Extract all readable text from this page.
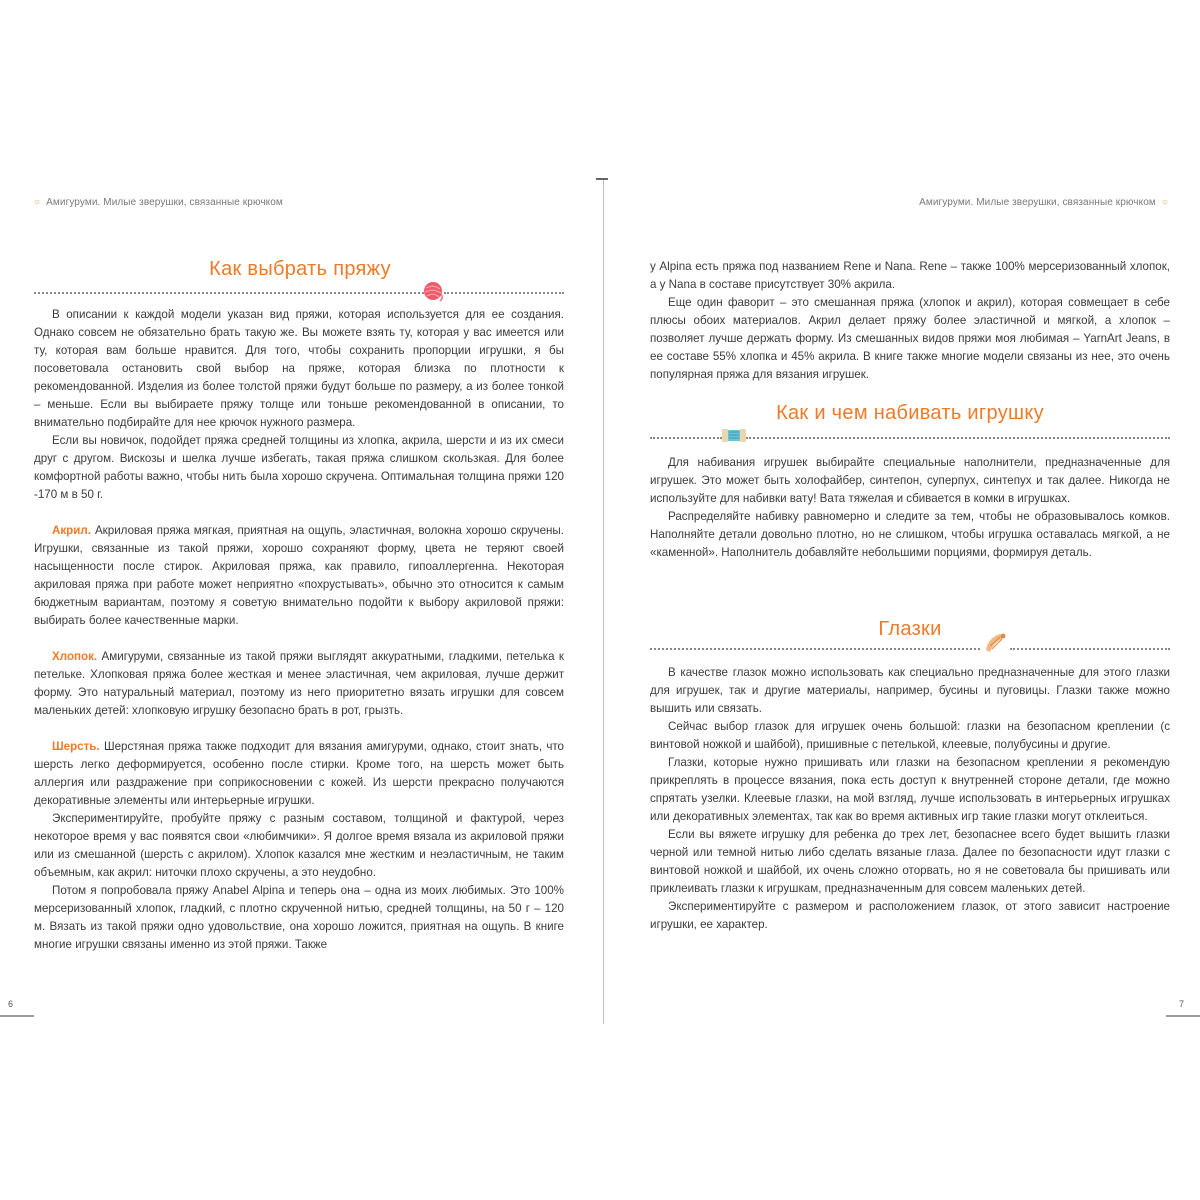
○ Амигуруми. Милые зверушки, связанные крючком
Как выбрать пряжу

В описании к каждой модели указан вид пряжи, которая используется для ее создания. Однако совсем не обязательно брать такую же. Вы можете взять ту, которая у вас имеется или ту, которая вам больше нравится. Для того, чтобы сохранить пропорции игрушки, я бы посоветовала остановить свой выбор на пряже, которая близка по плотности к рекомендованной. Изделия из более толстой пряжи будут больше по размеру, а из более тонкой – меньше. Если вы выбираете пряжу толще или тоньше рекомендованной в описании, то внимательно подбирайте для нее крючок нужного размера.

Если вы новичок, подойдет пряжа средней толщины из хлопка, акрила, шерсти и из их смеси друг с другом. Вискозы и шелка лучше избегать, такая пряжа слишком скользкая. Для более комфортной работы важно, чтобы нить была хорошо скручена. Оптимальная толщина пряжи 120 -170 м в 50 г.

Акрил. Акриловая пряжа мягкая, приятная на ощупь, эластичная, волокна хорошо скручены. Игрушки, связанные из такой пряжи, хорошо сохраняют форму, цвета не теряют своей насыщенности после стирок. Акриловая пряжа, как правило, гипоаллергенна. Некоторая акриловая пряжа при работе может неприятно «похрустывать», обычно это относится к самым бюджетным вариантам, поэтому я советую внимательно подойти к выбору акриловой пряжи: выбирать более качественные марки.

Хлопок. Амигуруми, связанные из такой пряжи выглядят аккуратными, гладкими, петелька к петельке. Хлопковая пряжа более жесткая и менее эластичная, чем акриловая, лучше держит форму. Это натуральный материал, поэтому из него приоритетно вязать игрушки для совсем маленьких детей: хлопковую игрушку безопасно брать в рот, грызть.

Шерсть. Шерстяная пряжа также подходит для вязания амигуруми, однако, стоит знать, что шерсть легко деформируется, особенно после стирки. Кроме того, на шерсть может быть аллергия или раздражение при соприкосновении с кожей. Из шерсти прекрасно получаются декоративные элементы или интерьерные игрушки.

Экспериментируйте, пробуйте пряжу с разным составом, толщиной и фактурой, через некоторое время у вас появятся свои «любимчики». Я долгое время вязала из акриловой пряжи или из смешанной (шерсть с акрилом). Хлопок казался мне жестким и неэластичным, не таким объемным, как акрил: ниточки плохо скручены, а это неудобно.

Потом я попробовала пряжу Anabel Alpina и теперь она – одна из моих любимых. Это 100% мерсеризованный хлопок, гладкий, с плотно скрученной нитью, средней толщины, на 50 г – 120 м. Вязать из такой пряжи одно удовольствие, она хорошо ложится, приятная на ощупь. В книге многие игрушки связаны именно из этой пряжи. Также

6
Амигуруми. Милые зверушки, связанные крючком ○

у Alpina есть пряжа под названием Rene и Nana. Rene – также 100% мерсеризованный хлопок, а у Nana в составе присутствует 30% акрила.

Еще один фаворит – это смешанная пряжа (хлопок и акрил), которая совмещает в себе плюсы обоих материалов. Акрил делает пряжу более эластичной и мягкой, а хлопок – позволяет лучше держать форму. Из смешанных видов пряжи моя любимая – YarnArt Jeans, в ее составе 55% хлопка и 45% акрила. В книге также многие модели связаны из нее, это очень популярная пряжа для вязания игрушек.

Как и чем набивать игрушку

Для набивания игрушек выбирайте специальные наполнители, предназначенные для игрушек. Это может быть холофайбер, синтепон, суперпух, синтепух и так далее. Никогда не используйте для набивки вату! Вата тяжелая и сбивается в комки в игрушках.

Распределяйте набивку равномерно и следите за тем, чтобы не образовывалось комков. Наполняйте детали довольно плотно, но не слишком, чтобы игрушка оставалась мягкой, а не «каменной». Наполнитель добавляйте небольшими порциями, формируя деталь.

Глазки

В качестве глазок можно использовать как специально предназначенные для этого глазки для игрушек, так и другие материалы, например, бусины и пуговицы. Глазки также можно вышить или связать.

Сейчас выбор глазок для игрушек очень большой: глазки на безопасном креплении (с винтовой ножкой и шайбой), пришивные с петелькой, клеевые, полубусины и другие.

Глазки, которые нужно пришивать или глазки на безопасном креплении я рекомендую прикреплять в процессе вязания, пока есть доступ к внутренней стороне детали, где можно спрятать узелки. Клеевые глазки, на мой взгляд, лучше использовать в интерьерных игрушках или декоративных элементах, так как во время активных игр такие глазки могут отклеиться.

Если вы вяжете игрушку для ребенка до трех лет, безопаснее всего будет вышить глазки черной или темной нитью либо сделать вязаные глаза. Далее по безопасности идут глазки с винтовой ножкой и шайбой, их очень сложно оторвать, но я не советовала бы пришивать или приклеивать глазки к игрушкам, предназначенным для совсем маленьких детей.

Экспериментируйте с размером и расположением глазок, от этого зависит настроение игрушки, ее характер.

7
